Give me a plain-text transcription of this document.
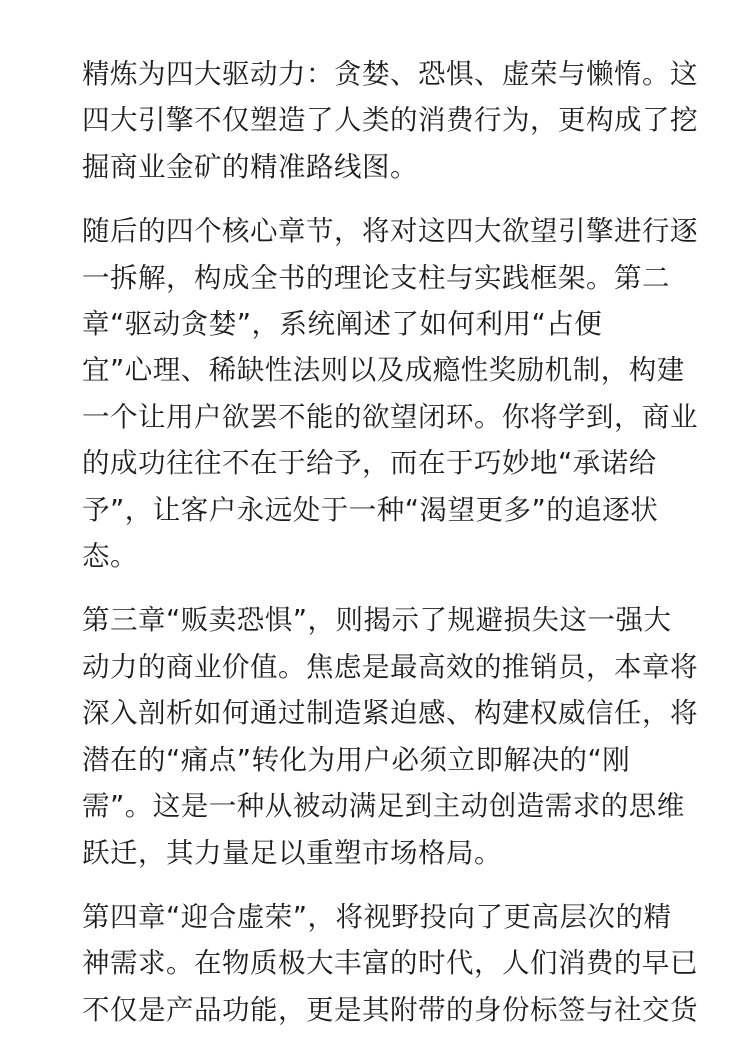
精炼为四大驱动力：贪婪、恐惧、虚荣与懒惰。这
四大引擎不仅塑造了人类的消费行为，更构成了挖
掘商业金矿的精准路线图。

随后的四个核心章节，将对这四大欲望引擎进行逐
一拆解，构成全书的理论支柱与实践框架。第二
章“驱动贪婪”，系统阐述了如何利用“占便
宜”心理、稀缺性法则以及成瘾性奖励机制，构建
一个让用户欲罢不能的欲望闭环。你将学到，商业
的成功往往不在于给予，而在于巧妙地“承诺给
予”，让客户永远处于一种“渴望更多”的追逐状
态。

第三章“贩卖恐惧”，则揭示了规避损失这一强大
动力的商业价值。焦虑是最高效的推销员，本章将
深入剖析如何通过制造紧迫感、构建权威信任，将
潜在的“痛点”转化为用户必须立即解决的“刚
需”。这是一种从被动满足到主动创造需求的思维
跃迁，其力量足以重塑市场格局。

第四章“迎合虚荣”，将视野投向了更高层次的精
神需求。在物质极大丰富的时代，人们消费的早已
不仅是产品功能，更是其附带的身份标签与社交货
